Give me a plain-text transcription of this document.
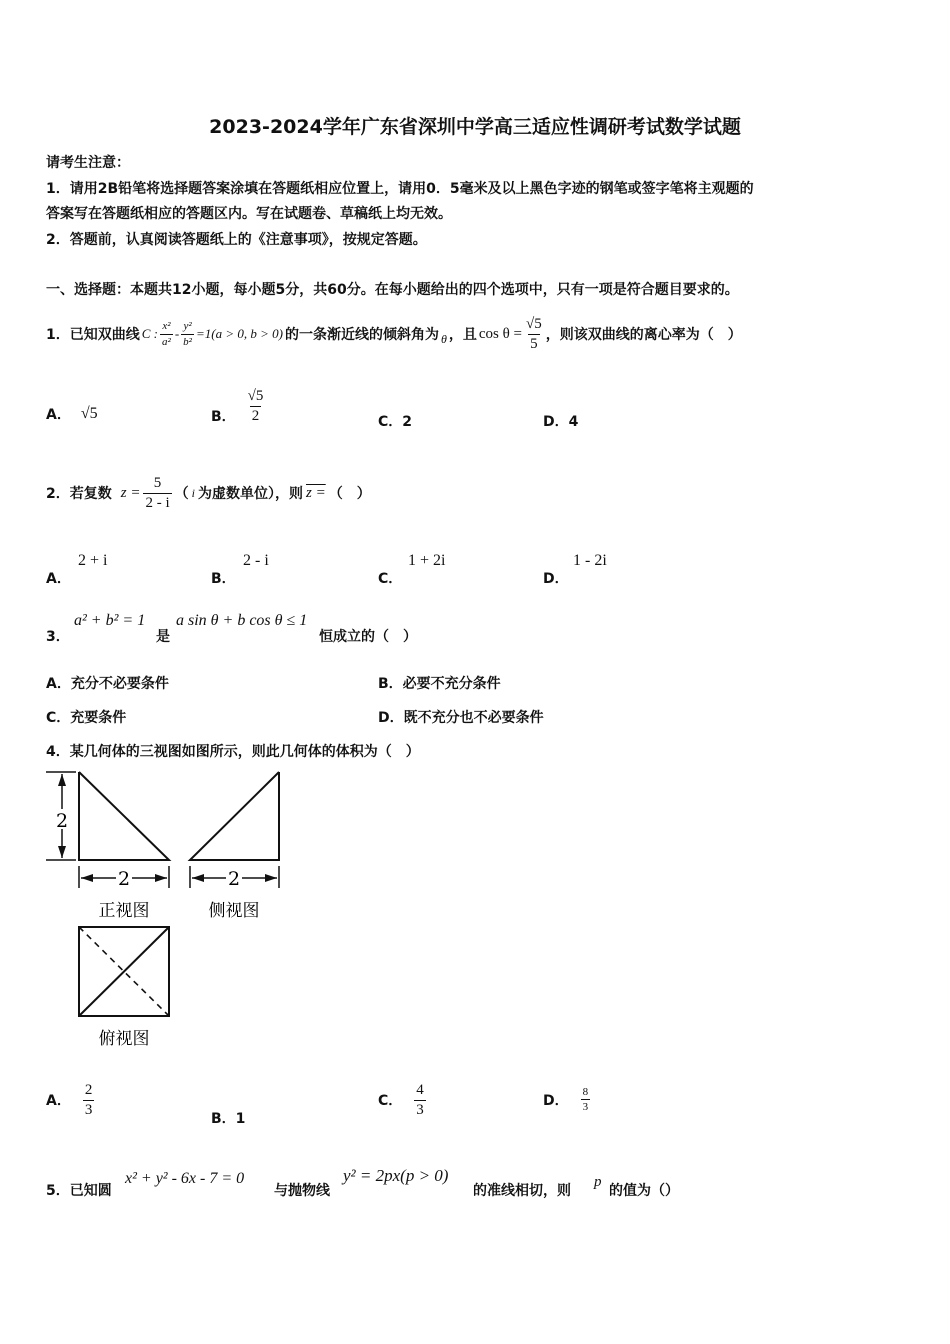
2023-2024学年广东省深圳中学高三适应性调研考试数学试题
请考生注意：
1．请用2B铅笔将选择题答案涂填在答题纸相应位置上，请用0．5毫米及以上黑色字迹的钢笔或签字笔将主观题的
答案写在答题纸相应的答题区内。写在试题卷、草稿纸上均无效。
2．答题前，认真阅读答题纸上的《注意事项》，按规定答题。
一、选择题：本题共12小题，每小题5分，共60分。在每小题给出的四个选项中，只有一项是符合题目要求的。
1．已知双曲线 C : $\frac{\text{x²}}{\text{a²}} - \frac{\text{y²}}{\text{b²}} =1(a > 0$, b > 0) 的一条渐近线的倾斜角为 θ ，且 $\cos \theta = \frac{√5}{5}$ ，则该双曲线的离心率为（　）
A． √5	B． $\frac{√5}{2}$	C．2	D．4
2．若复数 $z = \frac{5}{2 - i}$ （ i 为虚数单位），则 z = （　）
A．
2 + i
B．
2 - i
C．
1 + 2i
D．
1 - 2i
3．
a² + b² = 1
是
a sin θ + b cos θ ≤ 1
恒成立的（　）
A．充分不必要条件	B．必要不充分条件
C．充要条件	D．既不充分也不必要条件
4．某几何体的三视图如图所示，则此几何体的体积为（　）
2
2
正视图
2
侧视图
俯视图
A． $\frac{2}{3}$
B．1
C． $\frac{4}{3}$	D． $\frac{8}{3}$
5．已知圆
x² + y² - 6x - 7 = 0
与抛物线
y² = 2px(p > 0)
的准线相切，则
p
的值为（）
